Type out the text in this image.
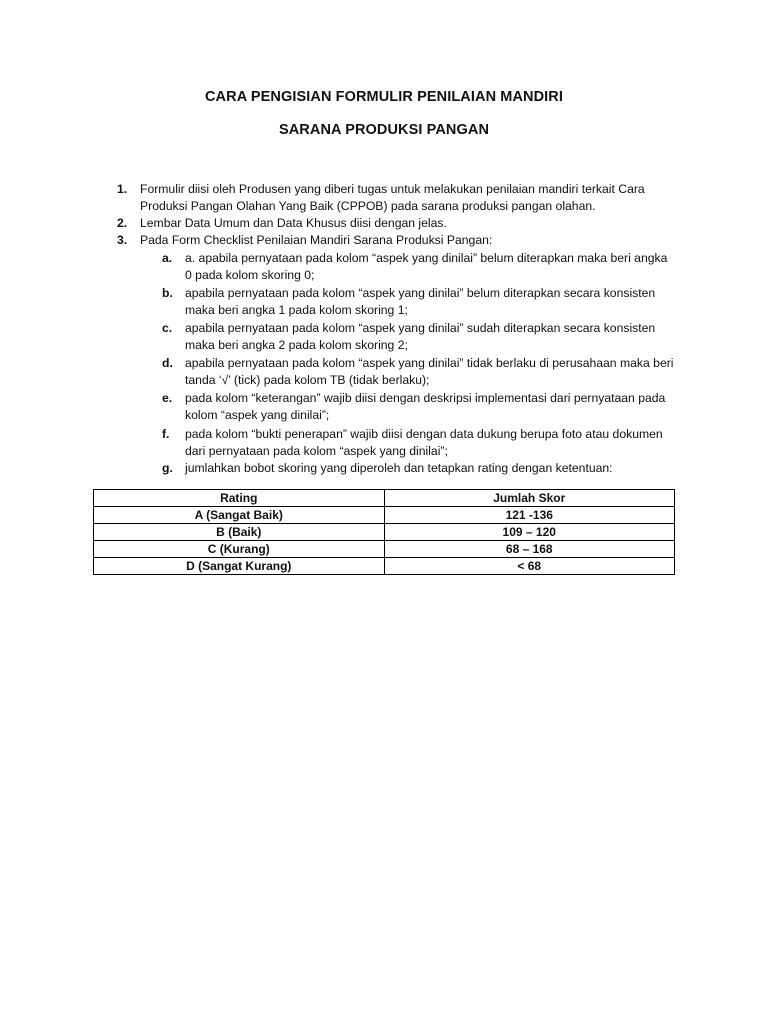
CARA PENGISIAN FORMULIR PENILAIAN MANDIRI
SARANA PRODUKSI PANGAN
1. Formulir diisi oleh Produsen yang diberi tugas untuk melakukan penilaian mandiri terkait Cara Produksi Pangan Olahan Yang Baik (CPPOB) pada sarana produksi pangan olahan.
2. Lembar Data Umum dan Data Khusus diisi dengan jelas.
3. Pada Form Checklist Penilaian Mandiri Sarana Produksi Pangan:
a. a. apabila pernyataan pada kolom “aspek yang dinilai” belum diterapkan maka beri angka 0 pada kolom skoring 0;
b. apabila pernyataan pada kolom “aspek yang dinilai” belum diterapkan secara konsisten maka beri angka 1 pada kolom skoring 1;
c. apabila pernyataan pada kolom “aspek yang dinilai” sudah diterapkan secara konsisten maka beri angka 2 pada kolom skoring 2;
d. apabila pernyataan pada kolom “aspek yang dinilai” tidak berlaku di perusahaan maka beri tanda ‘√’ (tick) pada kolom TB (tidak berlaku);
e. pada kolom “keterangan” wajib diisi dengan deskripsi implementasi dari pernyataan pada kolom “aspek yang dinilai”;
f. pada kolom “bukti penerapan” wajib diisi dengan data dukung berupa foto atau dokumen dari pernyataan pada kolom “aspek yang dinilai”;
g. jumlahkan bobot skoring yang diperoleh dan tetapkan rating dengan ketentuan:
Rating	Jumlah Skor
A (Sangat Baik)	121 -136
B (Baik)	109 – 120
C (Kurang)	68 – 168
D (Sangat Kurang)	< 68
